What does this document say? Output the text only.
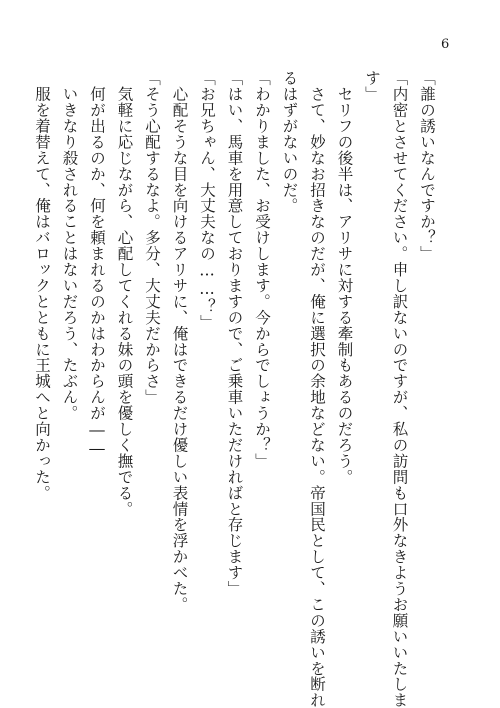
6

「誰の誘いなんですか？」

「内密とさせてください。申し訳ないのですが、私の訪問も口外なきようお願いいたしま

す」

　セリフの後半は、アリサに対する牽制もあるのだろう。

　さて、妙なお招きなのだが、俺に選択の余地などない。帝国民として、この誘いを断れ

るはずがないのだ。

「わかりました、お受けします。今からでしょうか？」

「はい、馬車を用意しておりますので、ご乗車いただければと存じます」

「お兄ちゃん、大丈夫なの……？」

　心配そうな目を向けるアリサに、俺はできるだけ優しい表情を浮かべた。

「そう心配するなよ。多分、大丈夫だからさ」

　気軽に応じながら、心配してくれる妹の頭を優しく撫でる。

　何が出るのか、何を頼まれるのかはわからんが――

　いきなり殺されることはないだろう、たぶん。

　服を着替えて、俺はバロックとともに王城へと向かった。
